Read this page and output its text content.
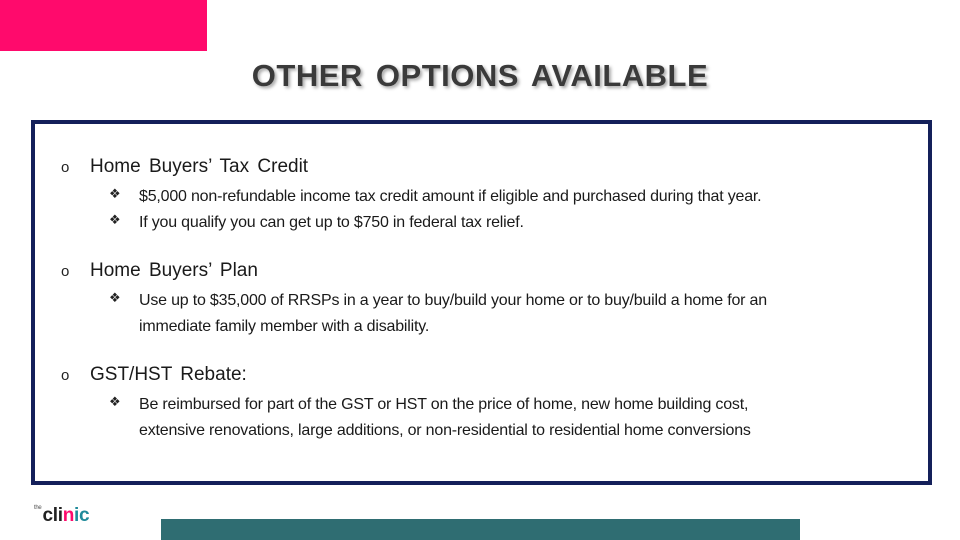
OTHER OPTIONS AVAILABLE
o Home Buyers’ Tax Credit
❖ $5,000 non-refundable income tax credit amount if eligible and purchased during that year.
❖ If you qualify you can get up to $750 in federal tax relief.
o Home Buyers’ Plan
❖ Use up to $35,000 of RRSPs in a year to buy/build your home or to buy/build a home for an
immediate family member with a disability.
o GST/HST Rebate:
❖ Be reimbursed for part of the GST or HST on the price of home, new home building cost,
extensive renovations, large additions, or non-residential to residential home conversions
$^{the}$clinic
